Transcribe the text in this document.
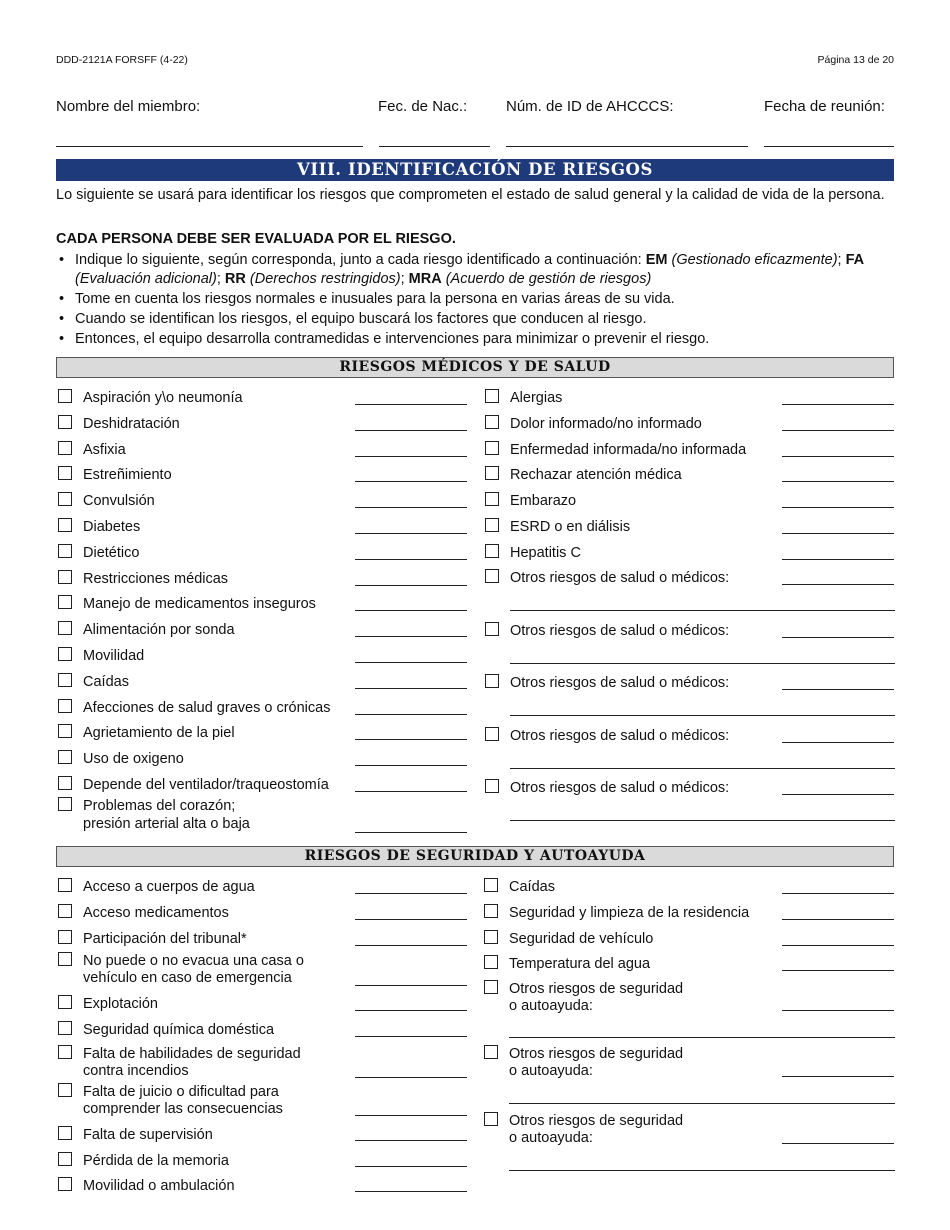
DDD-2121A FORSFF (4-22)	Página 13 de 20
Nombre del miembro:	Fec. de Nac.:	Núm. de ID de AHCCCS:	Fecha de reunión:
VIII. IDENTIFICACIÓN DE RIESGOS
Lo siguiente se usará para identificar los riesgos que comprometen el estado de salud general y la calidad de vida de la persona.
CADA PERSONA DEBE SER EVALUADA POR EL RIESGO.
• Indique lo siguiente, según corresponda, junto a cada riesgo identificado a continuación: EM (Gestionado eficazmente); FA (Evaluación adicional); RR (Derechos restringidos); MRA (Acuerdo de gestión de riesgos)
• Tome en cuenta los riesgos normales e inusuales para la persona en varias áreas de su vida.
• Cuando se identifican los riesgos, el equipo buscará los factores que conducen al riesgo.
• Entonces, el equipo desarrolla contramedidas e intervenciones para minimizar o prevenir el riesgo.
RIESGOS MÉDICOS Y DE SALUD
Aspiración y\o neumonía
Deshidratación
Asfixia
Estreñimiento
Convulsión
Diabetes
Dietético
Restricciones médicas
Manejo de medicamentos inseguros
Alimentación por sonda
Movilidad
Caídas
Afecciones de salud graves o crónicas
Agrietamiento de la piel
Uso de oxigeno
Depende del ventilador/traqueostomía
Problemas del corazón;
presión arterial alta o baja
Alergias
Dolor informado/no informado
Enfermedad informada/no informada
Rechazar atención médica
Embarazo
ESRD o en diálisis
Hepatitis C
Otros riesgos de salud o médicos:
Otros riesgos de salud o médicos:
Otros riesgos de salud o médicos:
Otros riesgos de salud o médicos:
Otros riesgos de salud o médicos:
RIESGOS DE SEGURIDAD Y AUTOAYUDA
Acceso a cuerpos de agua
Acceso medicamentos
Participación del tribunal*
No puede o no evacua una casa o
vehículo en caso de emergencia
Explotación
Seguridad química doméstica
Falta de habilidades de seguridad
contra incendios
Falta de juicio o dificultad para
comprender las consecuencias
Falta de supervisión
Pérdida de la memoria
Movilidad o ambulación
Caídas
Seguridad y limpieza de la residencia
Seguridad de vehículo
Temperatura del agua
Otros riesgos de seguridad
o autoayuda:
Otros riesgos de seguridad
o autoayuda:
Otros riesgos de seguridad
o autoayuda:
